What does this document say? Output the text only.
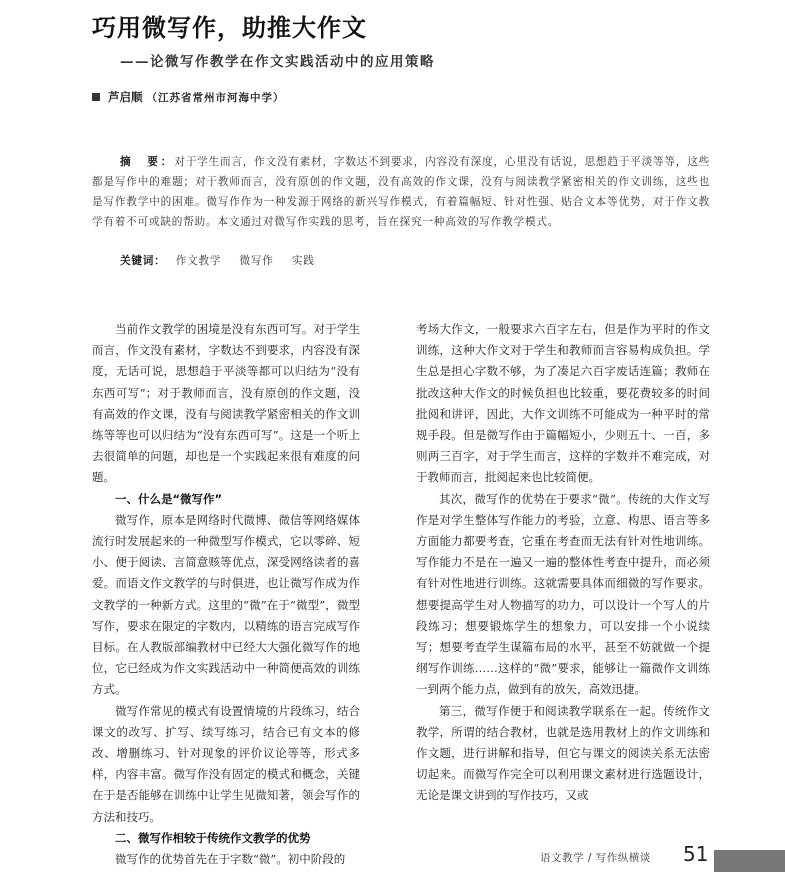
巧用微写作，助推大作文
——论微写作教学在作文实践活动中的应用策略
芦启顺 （江苏省常州市河海中学）
摘　要：对于学生而言，作文没有素材，字数达不到要求，内容没有深度，心里没有话说，思想趋于平淡等等，这些都是写作中的难题；对于教师而言，没有原创的作文题，没有高效的作文课，没有与阅读教学紧密相关的作文训练，这些也是写作教学中的困难。微写作作为一种发源于网络的新兴写作模式，有着篇幅短、针对性强、贴合文本等优势，对于作文教学有着不可或缺的帮助。本文通过对微写作实践的思考，旨在探究一种高效的写作教学模式。
关键词： 作文教学 微写作 实践

当前作文教学的困境是没有东西可写。对于学生而言，作文没有素材，字数达不到要求，内容没有深度，无话可说，思想趋于平淡等都可以归结为“没有东西可写”；对于教师而言，没有原创的作文题，没有高效的作文课，没有与阅读教学紧密相关的作文训练等等也可以归结为“没有东西可写”。这是一个听上去很简单的问题，却也是一个实践起来很有难度的问题。

一、什么是“微写作”

微写作，原本是网络时代微博、微信等网络媒体流行时发展起来的一种微型写作模式，它以零碎、短小、便于阅读、言简意赅等优点，深受网络读者的喜爱。而语文作文教学的与时俱进，也让微写作成为作文教学的一种新方式。这里的“微”在于“微型”，微型写作，要求在限定的字数内，以精练的语言完成写作目标。在人教版部编教材中已经大大强化微写作的地位，它已经成为作文实践活动中一种简便高效的训练方式。

微写作常见的模式有设置情境的片段练习，结合课文的改写、扩写、续写练习，结合已有文本的修改、增删练习、针对现象的评价议论等等，形式多样，内容丰富。微写作没有固定的模式和概念，关键在于是否能够在训练中让学生见微知著，领会写作的方法和技巧。

二、微写作相较于传统作文教学的优势

微写作的优势首先在于字数“微”。初中阶段的

考场大作文，一般要求六百字左右，但是作为平时的作文训练，这种大作文对于学生和教师而言容易构成负担。学生总是担心字数不够，为了凑足六百字废话连篇；教师在批改这种大作文的时候负担也比较重，要花费较多的时间批阅和讲评，因此，大作文训练不可能成为一种平时的常规手段。但是微写作由于篇幅短小，少则五十、一百，多则两三百字，对于学生而言，这样的字数并不难完成，对于教师而言，批阅起来也比较简便。

其次，微写作的优势在于要求“微”。传统的大作文写作是对学生整体写作能力的考验，立意、构思、语言等多方面能力都要考查，它重在考查而无法有针对性地训练。写作能力不是在一遍又一遍的整体性考查中提升，而必须有针对性地进行训练。这就需要具体而细微的写作要求。想要提高学生对人物描写的功力，可以设计一个写人的片段练习；想要锻炼学生的想象力，可以安排一个小说续写；想要考查学生谋篇布局的水平，甚至不妨就做一个提纲写作训练……这样的“微”要求，能够让一篇微作文训练一到两个能力点，做到有的放矢，高效迅捷。

第三，微写作便于和阅读教学联系在一起。传统作文教学，所谓的结合教材，也就是选用教材上的作文训练和作文题，进行讲解和指导，但它与课文的阅读关系无法密切起来。而微写作完全可以利用课文素材进行选题设计，无论是课文讲到的写作技巧，又或

语文教学 / 写作纵横谈 51
